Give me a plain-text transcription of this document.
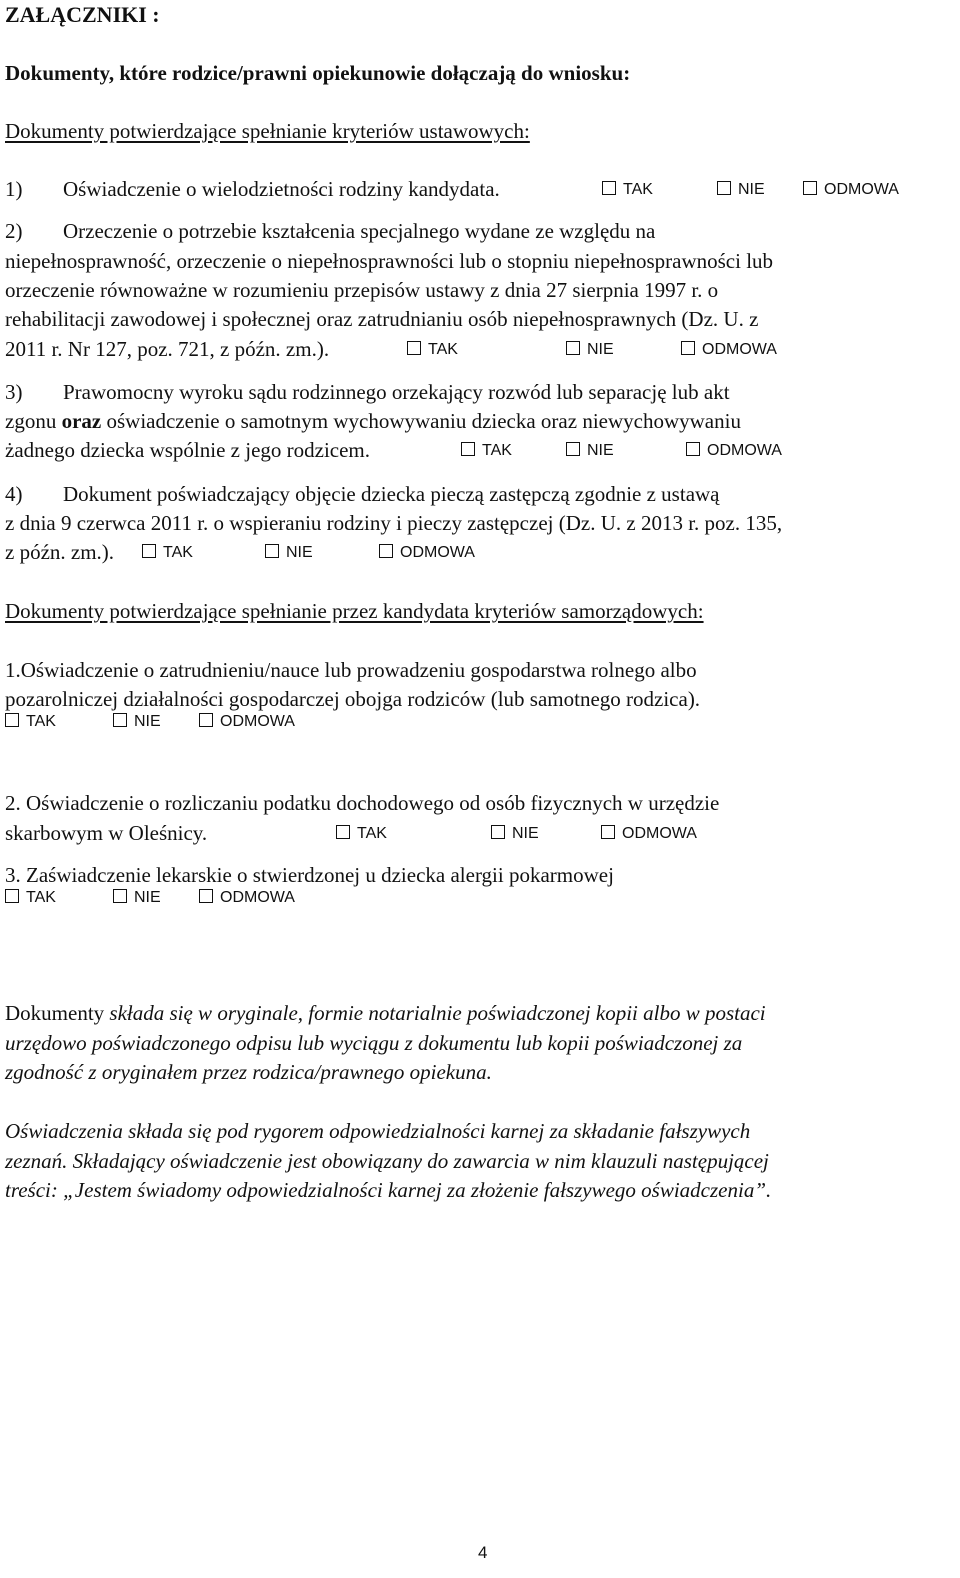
ZAŁĄCZNIKI :
Dokumenty, które rodzice/prawni opiekunowie dołączają do wniosku:
Dokumenty potwierdzające spełnianie kryteriów ustawowych:
1) Oświadczenie o wielodzietności rodziny kandydata.	TAK	NIE	ODMOWA
2) Orzeczenie o potrzebie kształcenia specjalnego wydane ze względu na
niepełnosprawność, orzeczenie o niepełnosprawności lub o stopniu niepełnosprawności lub
orzeczenie równoważne w rozumieniu przepisów ustawy z dnia 27 sierpnia 1997 r. o
rehabilitacji zawodowej i społecznej oraz zatrudnianiu osób niepełnosprawnych (Dz. U. z
2011 r. Nr 127, poz. 721, z późn. zm.).	TAK	NIE	ODMOWA
3) Prawomocny wyroku sądu rodzinnego orzekający rozwód lub separację lub akt
zgonu oraz oświadczenie o samotnym wychowywaniu dziecka oraz niewychowywaniu
żadnego dziecka wspólnie z jego rodzicem.	TAK	NIE	ODMOWA
4) Dokument poświadczający objęcie dziecka pieczą zastępczą zgodnie z ustawą
z dnia 9 czerwca 2011 r. o wspieraniu rodziny i pieczy zastępczej (Dz. U. z 2013 r. poz. 135,
z późn. zm.).	TAK	NIE	ODMOWA
Dokumenty potwierdzające spełnianie przez kandydata kryteriów samorządowych:
1.Oświadczenie o zatrudnieniu/nauce lub prowadzeniu gospodarstwa rolnego albo
pozarolniczej działalności gospodarczej obojga rodziców (lub samotnego rodzica).
TAK	NIE	ODMOWA
2. Oświadczenie o rozliczaniu podatku dochodowego od osób fizycznych w urzędzie
skarbowym w Oleśnicy.	TAK	NIE	ODMOWA
3. Zaświadczenie lekarskie o stwierdzonej u dziecka alergii pokarmowej
TAK	NIE	ODMOWA
Dokumenty składa się w oryginale, formie notarialnie poświadczonej kopii albo w postaci
urzędowo poświadczonego odpisu lub wyciągu z dokumentu lub kopii poświadczonej za
zgodność z oryginałem przez rodzica/prawnego opiekuna.
Oświadczenia składa się pod rygorem odpowiedzialności karnej za składanie fałszywych
zeznań. Składający oświadczenie jest obowiązany do zawarcia w nim klauzuli następującej
treści: „Jestem świadomy odpowiedzialności karnej za złożenie fałszywego oświadczenia”.
4
